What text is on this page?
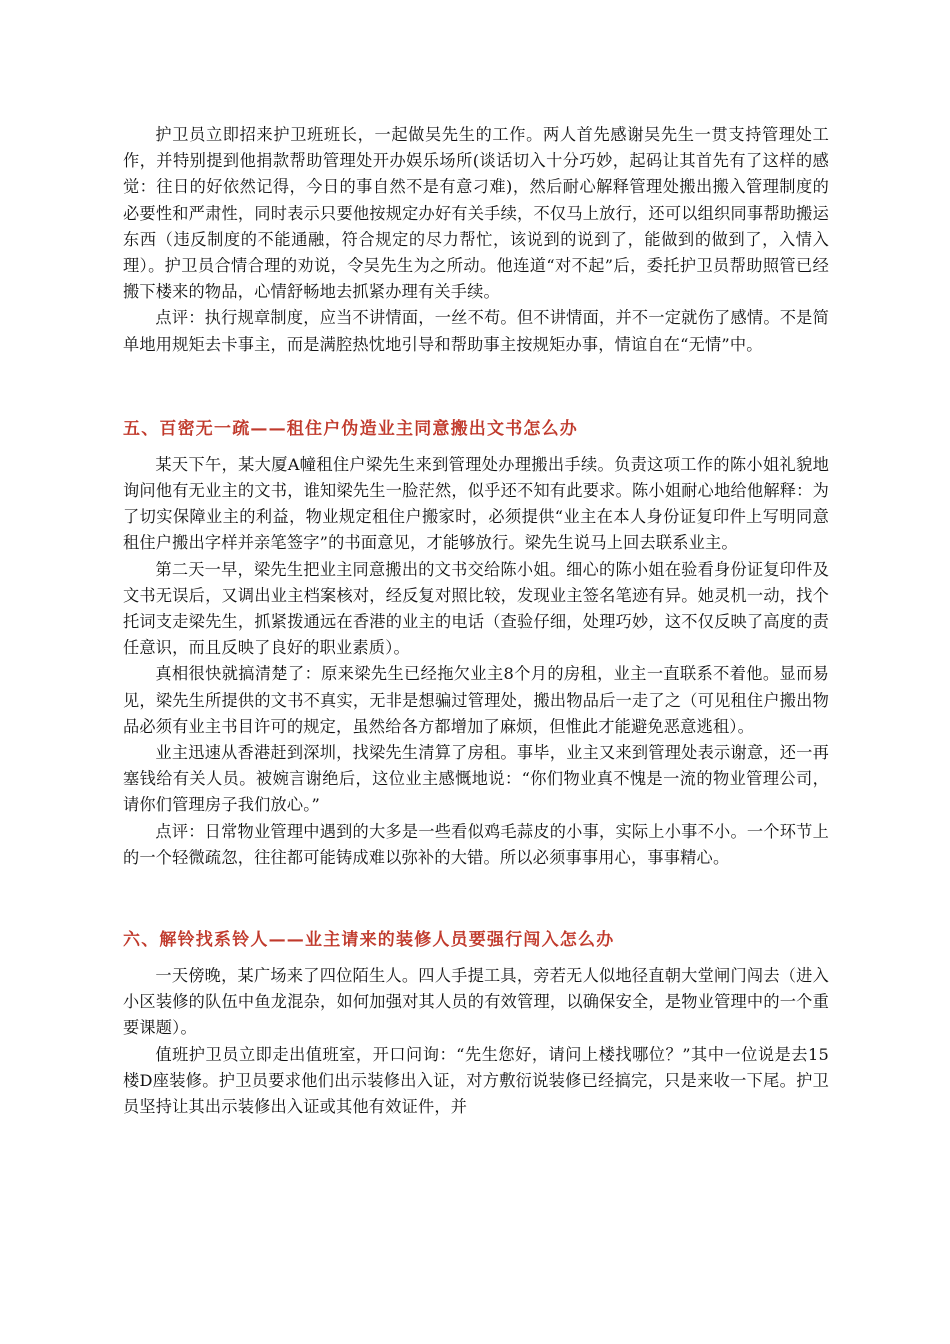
护卫员立即招来护卫班班长，一起做吴先生的工作。两人首先感谢吴先生一贯支持管理处工作，并特别提到他捐款帮助管理处开办娱乐场所(谈话切入十分巧妙，起码让其首先有了这样的感觉：往日的好依然记得，今日的事自然不是有意刁难)，然后耐心解释管理处搬出搬入管理制度的必要性和严肃性，同时表示只要他按规定办好有关手续，不仅马上放行，还可以组织同事帮助搬运东西（违反制度的不能通融，符合规定的尽力帮忙，该说到的说到了，能做到的做到了，入情入理）。护卫员合情合理的劝说，令吴先生为之所动。他连道“对不起”后，委托护卫员帮助照管已经搬下楼来的物品，心情舒畅地去抓紧办理有关手续。

点评：执行规章制度，应当不讲情面，一丝不苟。但不讲情面，并不一定就伤了感情。不是简单地用规矩去卡事主，而是满腔热忱地引导和帮助事主按规矩办事，情谊自在“无情”中。

五、百密无一疏——租住户伪造业主同意搬出文书怎么办

某天下午，某大厦A幢租住户梁先生来到管理处办理搬出手续。负责这项工作的陈小姐礼貌地询问他有无业主的文书，谁知梁先生一脸茫然，似乎还不知有此要求。陈小姐耐心地给他解释：为了切实保障业主的利益，物业规定租住户搬家时，必须提供“业主在本人身份证复印件上写明同意租住户搬出字样并亲笔签字”的书面意见，才能够放行。梁先生说马上回去联系业主。

第二天一早，梁先生把业主同意搬出的文书交给陈小姐。细心的陈小姐在验看身份证复印件及文书无误后，又调出业主档案核对，经反复对照比较，发现业主签名笔迹有异。她灵机一动，找个托词支走梁先生，抓紧拨通远在香港的业主的电话（查验仔细，处理巧妙，这不仅反映了高度的责任意识，而且反映了良好的职业素质）。

真相很快就搞清楚了：原来梁先生已经拖欠业主8个月的房租，业主一直联系不着他。显而易见，梁先生所提供的文书不真实，无非是想骗过管理处，搬出物品后一走了之（可见租住户搬出物品必须有业主书目许可的规定，虽然给各方都增加了麻烦，但惟此才能避免恶意逃租）。

业主迅速从香港赶到深圳，找梁先生清算了房租。事毕，业主又来到管理处表示谢意，还一再塞钱给有关人员。被婉言谢绝后，这位业主感慨地说：“你们物业真不愧是一流的物业管理公司，请你们管理房子我们放心。”

点评：日常物业管理中遇到的大多是一些看似鸡毛蒜皮的小事，实际上小事不小。一个环节上的一个轻微疏忽，往往都可能铸成难以弥补的大错。所以必须事事用心，事事精心。

六、解铃找系铃人——业主请来的装修人员要强行闯入怎么办

一天傍晚，某广场来了四位陌生人。四人手提工具，旁若无人似地径直朝大堂闸门闯去（进入小区装修的队伍中鱼龙混杂，如何加强对其人员的有效管理，以确保安全，是物业管理中的一个重要课题）。

值班护卫员立即走出值班室，开口问询：“先生您好，请问上楼找哪位？”其中一位说是去15楼D座装修。护卫员要求他们出示装修出入证，对方敷衍说装修已经搞完，只是来收一下尾。护卫员坚持让其出示装修出入证或其他有效证件，并
